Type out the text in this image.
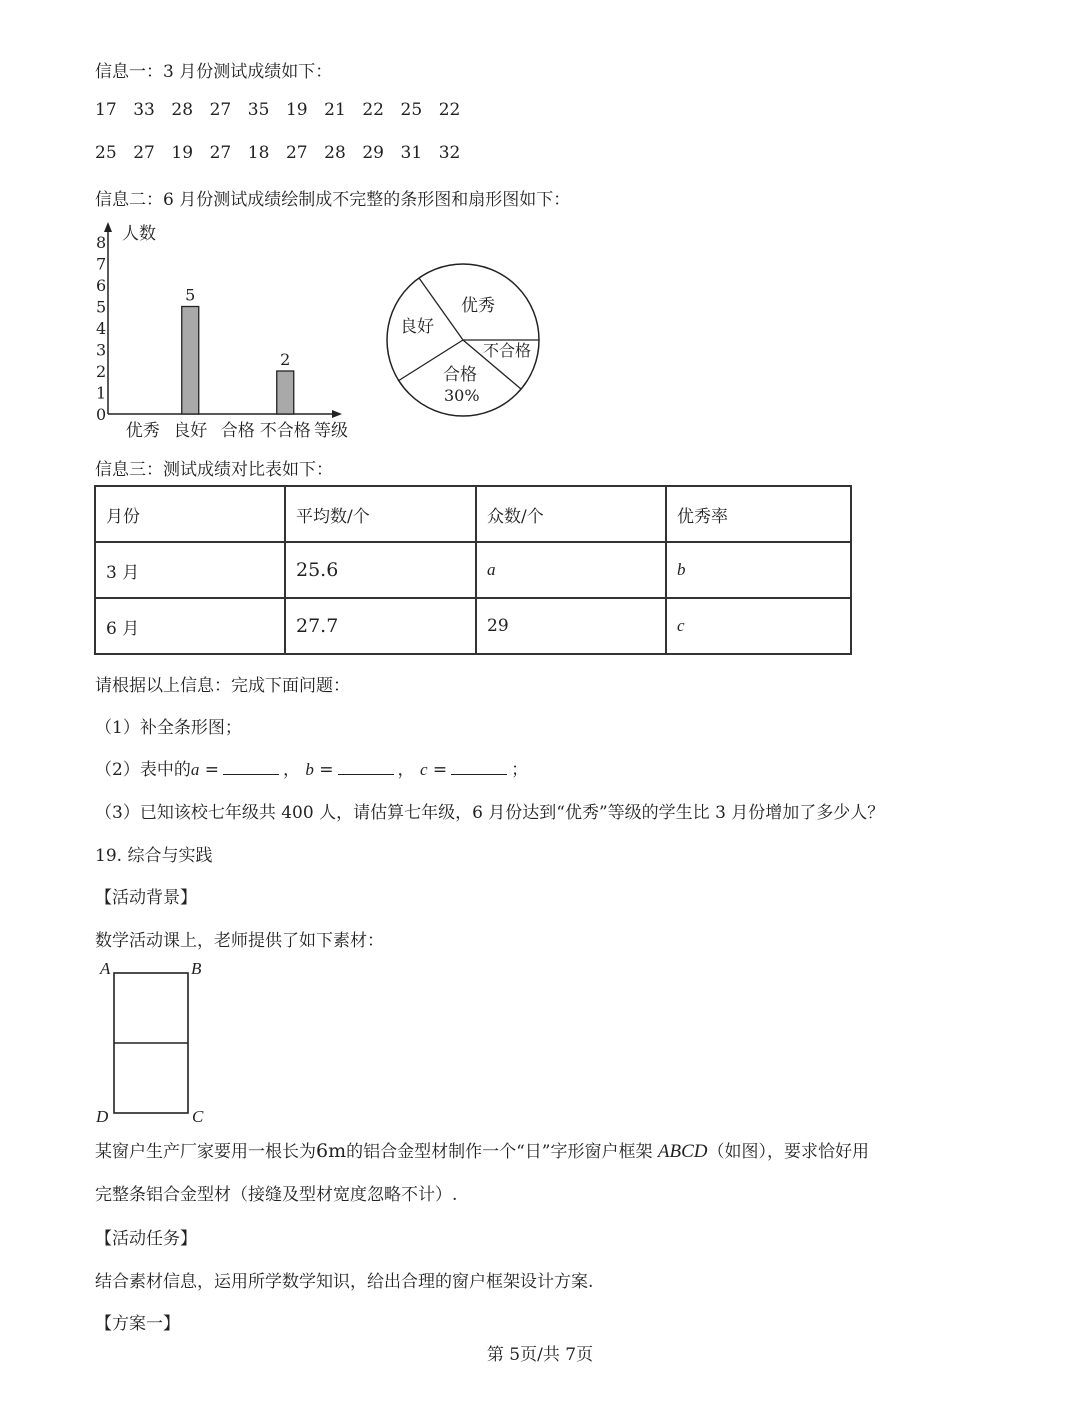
信息一：3 月份测试成绩如下：
17 33 28 27 35 19 21 22 25 22
25 27 19 27 18 27 28 29 31 32
信息二：6 月份测试成绩绘制成不完整的条形图和扇形图如下：
人数
等级
0
1
2
3
4
5
6
7
8
5
2
优秀 良好 合格 不合格
优秀
良好
不合格
合格
30%
信息三：测试成绩对比表如下：
月份	平均数/个	众数/个	优秀率
3 月	25.6	a	b
6 月	27.7	29	c
请根据以上信息：完成下面问题：
（1）补全条形图；
（2）表中的a =	， b =	， c =	；
（3）已知该校七年级共 400 人，请估算七年级，6 月份达到“优秀”等级的学生比 3 月份增加了多少人？
19. 综合与实践
【活动背景】
数学活动课上，老师提供了如下素材：
A	B
D	C
某窗户生产厂家要用一根长为6m的铝合金型材制作一个“日”字形窗户框架 ABCD（如图），要求恰好用
完整条铝合金型材（接缝及型材宽度忽略不计）.
【活动任务】
结合素材信息，运用所学数学知识，给出合理的窗户框架设计方案.
【方案一】
第 5页/共 7页
